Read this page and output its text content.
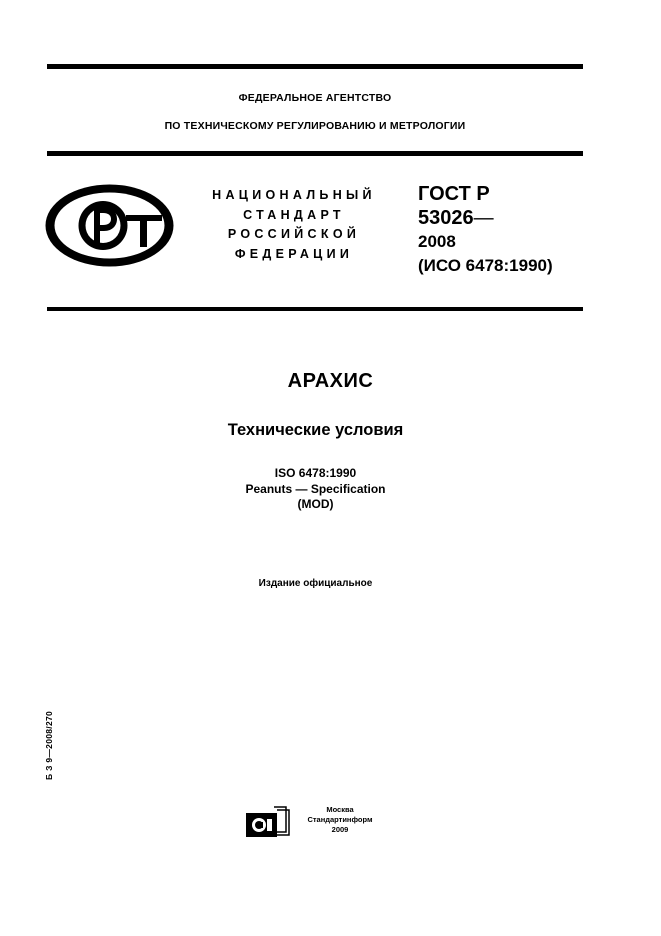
ФЕДЕРАЛЬНОЕ АГЕНТСТВО
ПО ТЕХНИЧЕСКОМУ РЕГУЛИРОВАНИЮ И МЕТРОЛОГИИ
НАЦИОНАЛЬНЫЙ
СТАНДАРТ
РОССИЙСКОЙ
ФЕДЕРАЦИИ
ГОСТ Р
53026—
2008
(ИСО 6478:1990)
АРАХИС
Технические условия
ISO 6478:1990
Peanuts — Specification
(MOD)
Издание официальное
Б З 9—2008/270
Москва
Стандартинформ
2009
